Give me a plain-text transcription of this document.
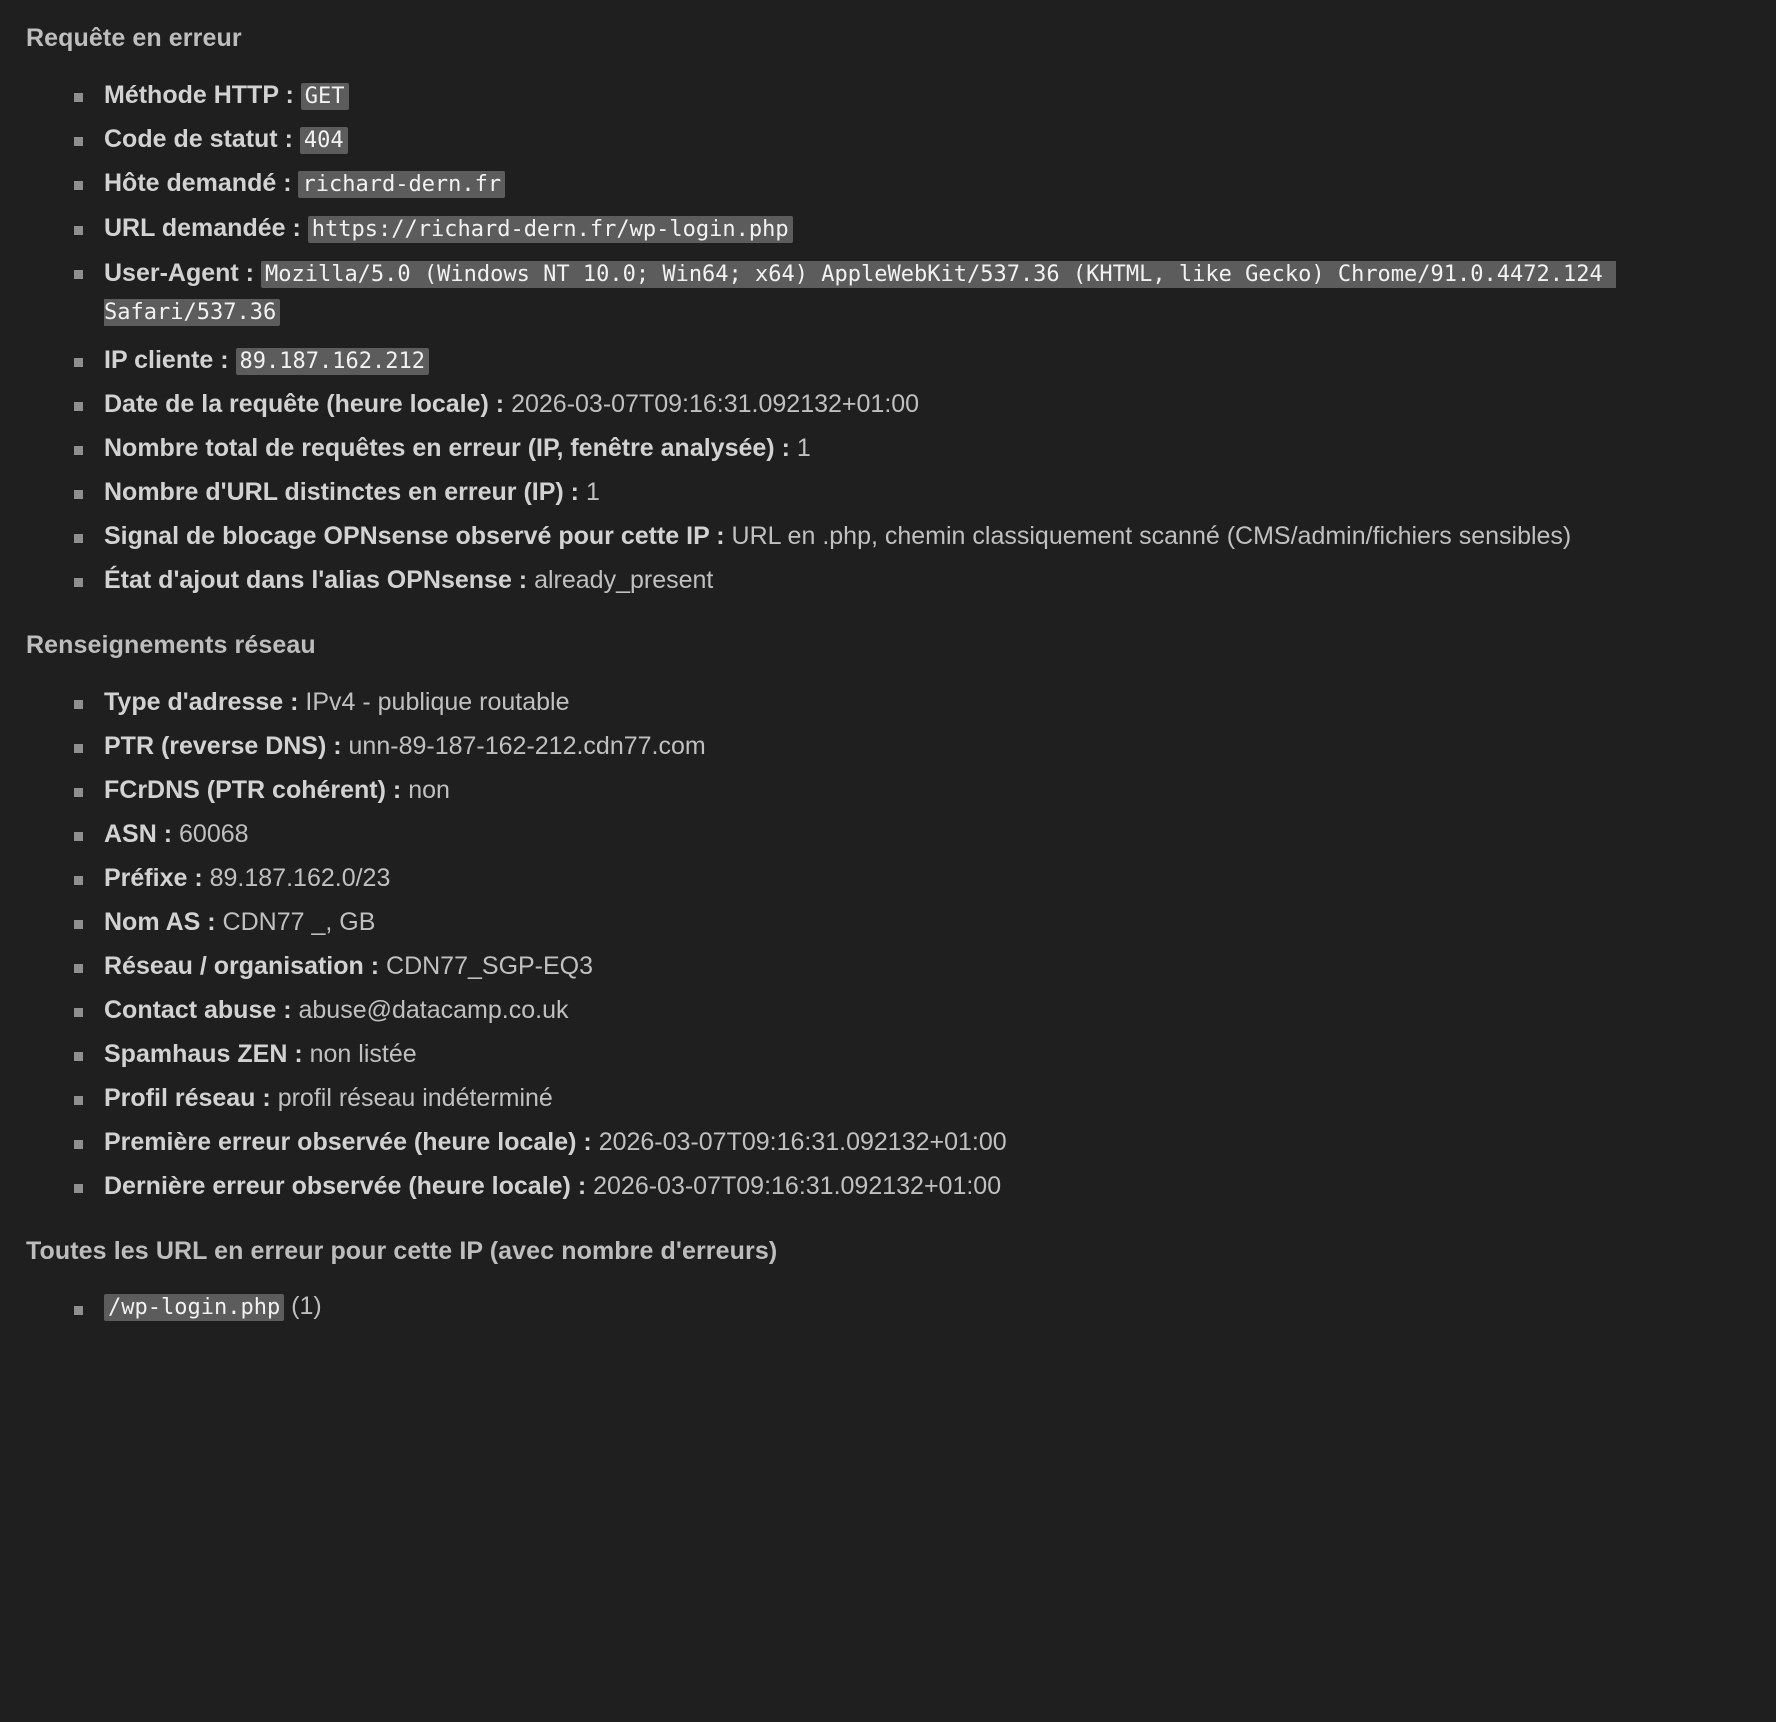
Requête en erreur
Méthode HTTP : GET
Code de statut : 404
Hôte demandé : richard-dern.fr
URL demandée : https://richard-dern.fr/wp-login.php
User-Agent : Mozilla/5.0 (Windows NT 10.0; Win64; x64) AppleWebKit/537.36 (KHTML, like Gecko) Chrome/91.0.4472.124 Safari/537.36
IP cliente : 89.187.162.212
Date de la requête (heure locale) : 2026-03-07T09:16:31.092132+01:00
Nombre total de requêtes en erreur (IP, fenêtre analysée) : 1
Nombre d'URL distinctes en erreur (IP) : 1
Signal de blocage OPNsense observé pour cette IP : URL en .php, chemin classiquement scanné (CMS/admin/fichiers sensibles)
État d'ajout dans l'alias OPNsense : already_present
Renseignements réseau
Type d'adresse : IPv4 - publique routable
PTR (reverse DNS) : unn-89-187-162-212.cdn77.com
FCrDNS (PTR cohérent) : non
ASN : 60068
Préfixe : 89.187.162.0/23
Nom AS : CDN77 _, GB
Réseau / organisation : CDN77_SGP-EQ3
Contact abuse : abuse@datacamp.co.uk
Spamhaus ZEN : non listée
Profil réseau : profil réseau indéterminé
Première erreur observée (heure locale) : 2026-03-07T09:16:31.092132+01:00
Dernière erreur observée (heure locale) : 2026-03-07T09:16:31.092132+01:00
Toutes les URL en erreur pour cette IP (avec nombre d'erreurs)
/wp-login.php (1)
